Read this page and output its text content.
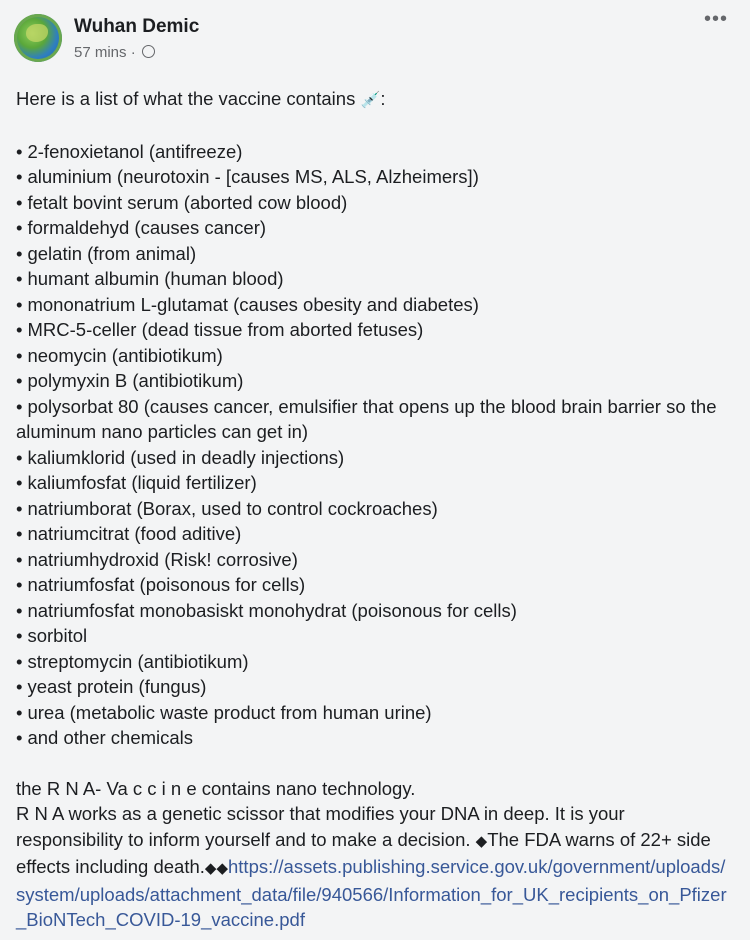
Wuhan Demic
57 mins ·
•••

Here is a list of what the vaccine contains 💉:

• 2-fenoxietanol (antifreeze)
• aluminium (neurotoxin - [causes MS, ALS, Alzheimers])
• fetalt bovint serum (aborted cow blood)
• formaldehyd (causes cancer)
• gelatin (from animal)
• humant albumin (human blood)
• mononatrium L-glutamat (causes obesity and diabetes)
• MRC-5-celler (dead tissue from aborted fetuses)
• neomycin (antibiotikum)
• polymyxin B (antibiotikum)
• polysorbat 80 (causes cancer, emulsifier that opens up the blood brain barrier so the aluminum nano particles can get in)
• kaliumklorid (used in deadly injections)
• kaliumfosfat (liquid fertilizer)
• natriumborat (Borax, used to control cockroaches)
• natriumcitrat (food aditive)
• natriumhydroxid (Risk! corrosive)
• natriumfosfat (poisonous for cells)
• natriumfosfat monobasiskt monohydrat (poisonous for cells)
• sorbitol
• streptomycin (antibiotikum)
• yeast protein (fungus)
• urea (metabolic waste product from human urine)
• and other chemicals

the R N A- Va c c i n e contains nano technology.
R N A works as a genetic scissor that modifies your DNA in deep. It is your responsibility to inform yourself and to make a decision. ◆The FDA warns of 22+ side effects including death.◆◆https://assets.publishing.service.gov.uk/government/uploads/system/uploads/attachment_data/file/940566/Information_for_UK_recipients_on_Pfizer_BioNTech_COVID-19_vaccine.pdf
